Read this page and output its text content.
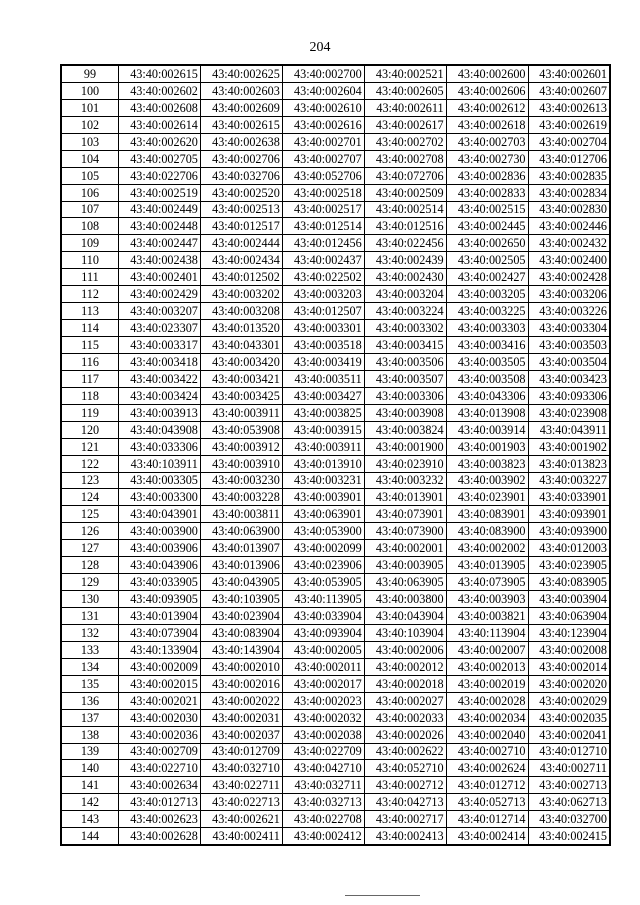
204
99	43:40:002615	43:40:002625	43:40:002700	43:40:002521	43:40:002600	43:40:002601
100	43:40:002602	43:40:002603	43:40:002604	43:40:002605	43:40:002606	43:40:002607
101	43:40:002608	43:40:002609	43:40:002610	43:40:002611	43:40:002612	43:40:002613
102	43:40:002614	43:40:002615	43:40:002616	43:40:002617	43:40:002618	43:40:002619
103	43:40:002620	43:40:002638	43:40:002701	43:40:002702	43:40:002703	43:40:002704
104	43:40:002705	43:40:002706	43:40:002707	43:40:002708	43:40:002730	43:40:012706
105	43:40:022706	43:40:032706	43:40:052706	43:40:072706	43:40:002836	43:40:002835
106	43:40:002519	43:40:002520	43:40:002518	43:40:002509	43:40:002833	43:40:002834
107	43:40:002449	43:40:002513	43:40:002517	43:40:002514	43:40:002515	43:40:002830
108	43:40:002448	43:40:012517	43:40:012514	43:40:012516	43:40:002445	43:40:002446
109	43:40:002447	43:40:002444	43:40:012456	43:40:022456	43:40:002650	43:40:002432
110	43:40:002438	43:40:002434	43:40:002437	43:40:002439	43:40:002505	43:40:002400
111	43:40:002401	43:40:012502	43:40:022502	43:40:002430	43:40:002427	43:40:002428
112	43:40:002429	43:40:003202	43:40:003203	43:40:003204	43:40:003205	43:40:003206
113	43:40:003207	43:40:003208	43:40:012507	43:40:003224	43:40:003225	43:40:003226
114	43:40:023307	43:40:013520	43:40:003301	43:40:003302	43:40:003303	43:40:003304
115	43:40:003317	43:40:043301	43:40:003518	43:40:003415	43:40:003416	43:40:003503
116	43:40:003418	43:40:003420	43:40:003419	43:40:003506	43:40:003505	43:40:003504
117	43:40:003422	43:40:003421	43:40:003511	43:40:003507	43:40:003508	43:40:003423
118	43:40:003424	43:40:003425	43:40:003427	43:40:003306	43:40:043306	43:40:093306
119	43:40:003913	43:40:003911	43:40:003825	43:40:003908	43:40:013908	43:40:023908
120	43:40:043908	43:40:053908	43:40:003915	43:40:003824	43:40:003914	43:40:043911
121	43:40:033306	43:40:003912	43:40:003911	43:40:001900	43:40:001903	43:40:001902
122	43:40:103911	43:40:003910	43:40:013910	43:40:023910	43:40:003823	43:40:013823
123	43:40:003305	43:40:003230	43:40:003231	43:40:003232	43:40:003902	43:40:003227
124	43:40:003300	43:40:003228	43:40:003901	43:40:013901	43:40:023901	43:40:033901
125	43:40:043901	43:40:003811	43:40:063901	43:40:073901	43:40:083901	43:40:093901
126	43:40:003900	43:40:063900	43:40:053900	43:40:073900	43:40:083900	43:40:093900
127	43:40:003906	43:40:013907	43:40:002099	43:40:002001	43:40:002002	43:40:012003
128	43:40:043906	43:40:013906	43:40:023906	43:40:003905	43:40:013905	43:40:023905
129	43:40:033905	43:40:043905	43:40:053905	43:40:063905	43:40:073905	43:40:083905
130	43:40:093905	43:40:103905	43:40:113905	43:40:003800	43:40:003903	43:40:003904
131	43:40:013904	43:40:023904	43:40:033904	43:40:043904	43:40:003821	43:40:063904
132	43:40:073904	43:40:083904	43:40:093904	43:40:103904	43:40:113904	43:40:123904
133	43:40:133904	43:40:143904	43:40:002005	43:40:002006	43:40:002007	43:40:002008
134	43:40:002009	43:40:002010	43:40:002011	43:40:002012	43:40:002013	43:40:002014
135	43:40:002015	43:40:002016	43:40:002017	43:40:002018	43:40:002019	43:40:002020
136	43:40:002021	43:40:002022	43:40:002023	43:40:002027	43:40:002028	43:40:002029
137	43:40:002030	43:40:002031	43:40:002032	43:40:002033	43:40:002034	43:40:002035
138	43:40:002036	43:40:002037	43:40:002038	43:40:002026	43:40:002040	43:40:002041
139	43:40:002709	43:40:012709	43:40:022709	43:40:002622	43:40:002710	43:40:012710
140	43:40:022710	43:40:032710	43:40:042710	43:40:052710	43:40:002624	43:40:002711
141	43:40:002634	43:40:022711	43:40:032711	43:40:002712	43:40:012712	43:40:002713
142	43:40:012713	43:40:022713	43:40:032713	43:40:042713	43:40:052713	43:40:062713
143	43:40:002623	43:40:002621	43:40:022708	43:40:002717	43:40:012714	43:40:032700
144	43:40:002628	43:40:002411	43:40:002412	43:40:002413	43:40:002414	43:40:002415
